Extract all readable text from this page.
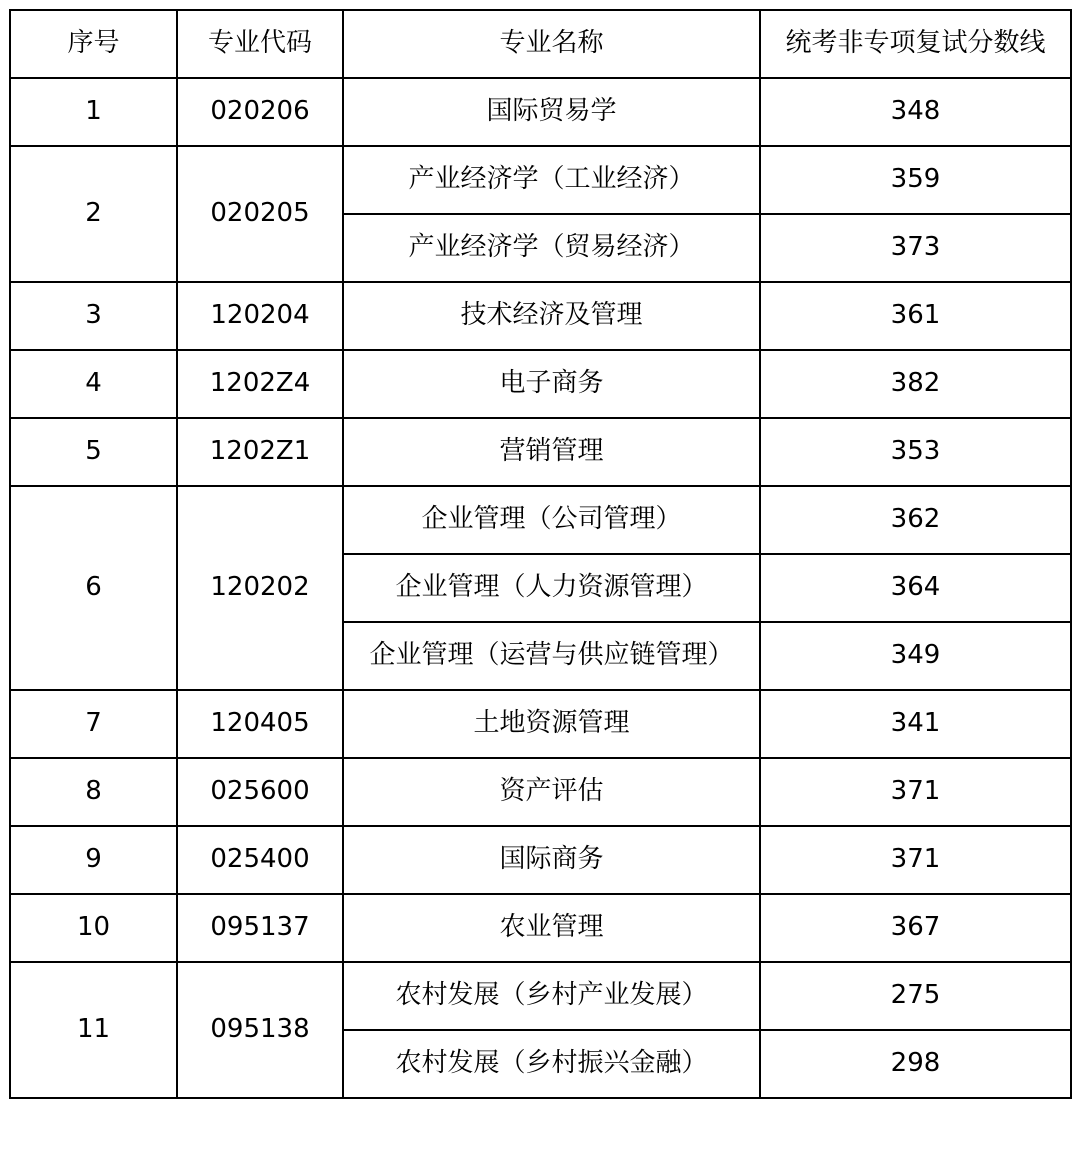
序号	专业代码	专业名称	统考非专项复试分数线
1	020206	国际贸易学	348
2	020205	产业经济学（工业经济）	359
		产业经济学（贸易经济）	373
3	120204	技术经济及管理	361
4	1202Z4	电子商务	382
5	1202Z1	营销管理	353
6	120202	企业管理（公司管理）	362
		企业管理（人力资源管理）	364
		企业管理（运营与供应链管理）	349
7	120405	土地资源管理	341
8	025600	资产评估	371
9	025400	国际商务	371
10	095137	农业管理	367
11	095138	农村发展（乡村产业发展）	275
		农村发展（乡村振兴金融）	298
